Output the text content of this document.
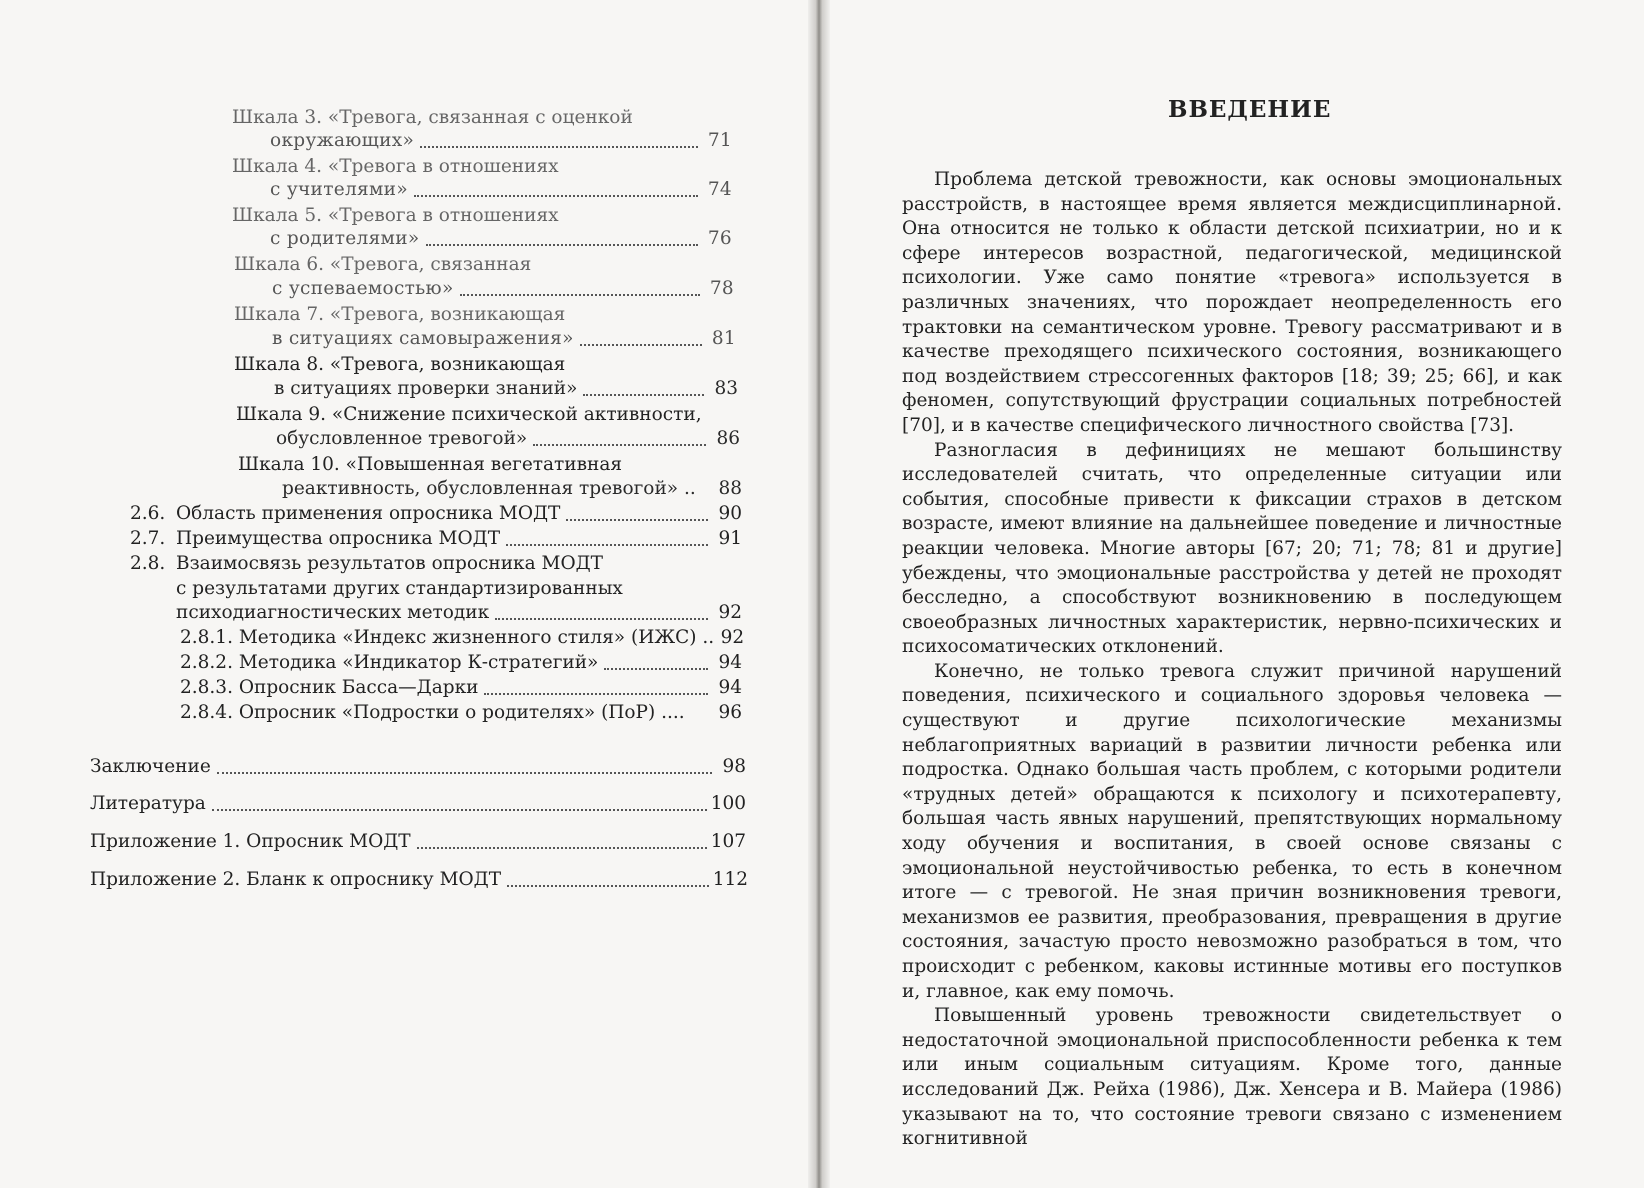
Шкала 3. «Тревога, связанная с оценкой
окружающих»	71
Шкала 4. «Тревога в отношениях
с учителями»	74
Шкала 5. «Тревога в отношениях
с родителями»	76
Шкала 6. «Тревога, связанная
с успеваемостью»	78
Шкала 7. «Тревога, возникающая
в ситуациях самовыражения»	81
Шкала 8. «Тревога, возникающая
в ситуациях проверки знаний»	83
Шкала 9. «Снижение психической активности,
обусловленное тревогой»	86
Шкала 10. «Повышенная вегетативная
реактивность, обусловленная тревогой» ..	88
2.6. Область применения опросника МОДТ	90
2.7. Преимущества опросника МОДТ	91
2.8. Взаимосвязь результатов опросника МОДТ
с результатами других стандартизированных
психодиагностических методик	92
2.8.1. Методика «Индекс жизненного стиля» (ИЖС) .. 92
2.8.2. Методика «Индикатор К-стратегий»	94
2.8.3. Опросник Басса—Дарки	94
2.8.4. Опросник «Подростки о родителях» (ПоР) ....	96
Заключение	98
Литература	100
Приложение 1. Опросник МОДТ	107
Приложение 2. Бланк к опроснику МОДТ	112
ВВЕДЕНИЕ

Проблема детской тревожности, как основы эмоциональных расстройств, в настоящее время является междисциплинарной. Она относится не только к области детской психиатрии, но и к сфере интересов возрастной, педагогической, медицинской психологии. Уже само понятие «тревога» используется в различных значениях, что порождает неопределенность его трактовки на семантическом уровне. Тревогу рассматривают и в качестве преходящего психического состояния, возникающего под воздействием стрессогенных факторов [18; 39; 25; 66], и как феномен, сопутствующий фрустрации социальных потребностей [70], и в качестве специфического личностного свойства [73].

Разногласия в дефинициях не мешают большинству исследователей считать, что определенные ситуации или события, способные привести к фиксации страхов в детском возрасте, имеют влияние на дальнейшее поведение и личностные реакции человека. Многие авторы [67; 20; 71; 78; 81 и другие] убеждены, что эмоциональные расстройства у детей не проходят бесследно, а способствуют возникновению в последующем своеобразных личностных характеристик, нервно-психических и психосоматических отклонений.

Конечно, не только тревога служит причиной нарушений поведения, психического и социального здоровья человека — существуют и другие психологические механизмы неблагоприятных вариаций в развитии личности ребенка или подростка. Однако большая часть проблем, с которыми родители «трудных детей» обращаются к психологу и психотерапевту, большая часть явных нарушений, препятствующих нормальному ходу обучения и воспитания, в своей основе связаны с эмоциональной неустойчивостью ребенка, то есть в конечном итоге — с тревогой. Не зная причин возникновения тревоги, механизмов ее развития, преобразования, превращения в другие состояния, зачастую просто невозможно разобраться в том, что происходит с ребенком, каковы истинные мотивы его поступков и, главное, как ему помочь.

Повышенный уровень тревожности свидетельствует о недостаточной эмоциональной приспособленности ребенка к тем или иным социальным ситуациям. Кроме того, данные исследований Дж. Рейха (1986), Дж. Хенсера и В. Майера (1986) указывают на то, что состояние тревоги связано с изменением когнитивной
